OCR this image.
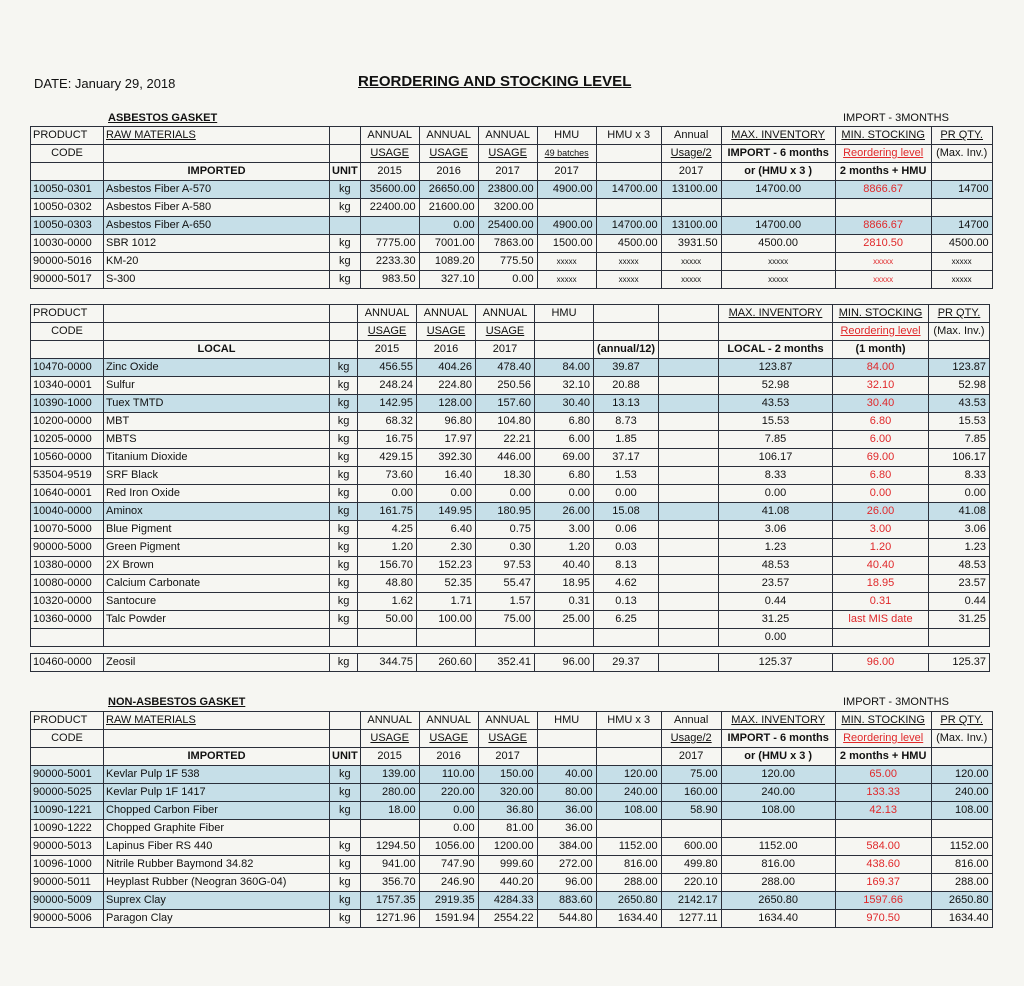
DATE: January 29, 2018	REORDERING AND STOCKING LEVEL
ASBESTOS GASKET	IMPORT - 3MONTHS
PRODUCT	RAW MATERIALS		ANNUAL	ANNUAL	ANNUAL	HMU	HMU x 3	Annual	MAX. INVENTORY	MIN. STOCKING	PR QTY.
CODE			USAGE	USAGE	USAGE	49 batches		Usage/2	IMPORT - 6 months	Reordering level	(Max. Inv.)
	IMPORTED	UNIT	2015	2016	2017	2017		2017	or (HMU x 3 )	2 months + HMU	
10050-0301	Asbestos Fiber A-570	kg	35600.00	26650.00	23800.00	4900.00	14700.00	13100.00	14700.00	8866.67	14700
10050-0302	Asbestos Fiber A-580	kg	22400.00	21600.00	3200.00						
10050-0303	Asbestos Fiber A-650			0.00	25400.00	4900.00	14700.00	13100.00	14700.00	8866.67	14700
10030-0000	SBR 1012	kg	7775.00	7001.00	7863.00	1500.00	4500.00	3931.50	4500.00	2810.50	4500.00
90000-5016	KM-20	kg	2233.30	1089.20	775.50	xxxxx	xxxxx	xxxxx	xxxxx	xxxxx	xxxxx
90000-5017	S-300	kg	983.50	327.10	0.00	xxxxx	xxxxx	xxxxx	xxxxx	xxxxx	xxxxx
PRODUCT			ANNUAL	ANNUAL	ANNUAL	HMU			MAX. INVENTORY	MIN. STOCKING	PR QTY.
CODE			USAGE	USAGE	USAGE					Reordering level	(Max. Inv.)
	LOCAL		2015	2016	2017		(annual/12)		LOCAL - 2 months	(1 month)	
10470-0000	Zinc Oxide	kg	456.55	404.26	478.40	84.00	39.87		123.87	84.00	123.87
10340-0001	Sulfur	kg	248.24	224.80	250.56	32.10	20.88		52.98	32.10	52.98
10390-1000	Tuex TMTD	kg	142.95	128.00	157.60	30.40	13.13		43.53	30.40	43.53
10200-0000	MBT	kg	68.32	96.80	104.80	6.80	8.73		15.53	6.80	15.53
10205-0000	MBTS	kg	16.75	17.97	22.21	6.00	1.85		7.85	6.00	7.85
10560-0000	Titanium Dioxide	kg	429.15	392.30	446.00	69.00	37.17		106.17	69.00	106.17
53504-9519	SRF Black	kg	73.60	16.40	18.30	6.80	1.53		8.33	6.80	8.33
10640-0001	Red Iron Oxide	kg	0.00	0.00	0.00	0.00	0.00		0.00	0.00	0.00
10040-0000	Aminox	kg	161.75	149.95	180.95	26.00	15.08		41.08	26.00	41.08
10070-5000	Blue Pigment	kg	4.25	6.40	0.75	3.00	0.06		3.06	3.00	3.06
90000-5000	Green Pigment	kg	1.20	2.30	0.30	1.20	0.03		1.23	1.20	1.23
10380-0000	2X Brown	kg	156.70	152.23	97.53	40.40	8.13		48.53	40.40	48.53
10080-0000	Calcium Carbonate	kg	48.80	52.35	55.47	18.95	4.62		23.57	18.95	23.57
10320-0000	Santocure	kg	1.62	1.71	1.57	0.31	0.13		0.44	0.31	0.44
10360-0000	Talc Powder	kg	50.00	100.00	75.00	25.00	6.25		31.25	last MIS date	31.25
									0.00		

10460-0000	Zeosil	kg	344.75	260.60	352.41	96.00	29.37		125.37	96.00	125.37
NON-ASBESTOS GASKET	IMPORT - 3MONTHS
PRODUCT	RAW MATERIALS		ANNUAL	ANNUAL	ANNUAL	HMU	HMU x 3	Annual	MAX. INVENTORY	MIN. STOCKING	PR QTY.
CODE			USAGE	USAGE	USAGE			Usage/2	IMPORT - 6 months	Reordering level	(Max. Inv.)
	IMPORTED	UNIT	2015	2016	2017			2017	or (HMU x 3 )	2 months + HMU	
90000-5001	Kevlar Pulp 1F 538	kg	139.00	110.00	150.00	40.00	120.00	75.00	120.00	65.00	120.00
90000-5025	Kevlar Pulp 1F 1417	kg	280.00	220.00	320.00	80.00	240.00	160.00	240.00	133.33	240.00
10090-1221	Chopped Carbon Fiber	kg	18.00	0.00	36.80	36.00	108.00	58.90	108.00	42.13	108.00
10090-1222	Chopped Graphite Fiber			0.00	81.00	36.00					
90000-5013	Lapinus Fiber RS 440	kg	1294.50	1056.00	1200.00	384.00	1152.00	600.00	1152.00	584.00	1152.00
10096-1000	Nitrile Rubber Baymond 34.82	kg	941.00	747.90	999.60	272.00	816.00	499.80	816.00	438.60	816.00
90000-5011	Heyplast Rubber (Neogran 360G-04)	kg	356.70	246.90	440.20	96.00	288.00	220.10	288.00	169.37	288.00
90000-5009	Suprex Clay	kg	1757.35	2919.35	4284.33	883.60	2650.80	2142.17	2650.80	1597.66	2650.80
90000-5006	Paragon Clay	kg	1271.96	1591.94	2554.22	544.80	1634.40	1277.11	1634.40	970.50	1634.40
